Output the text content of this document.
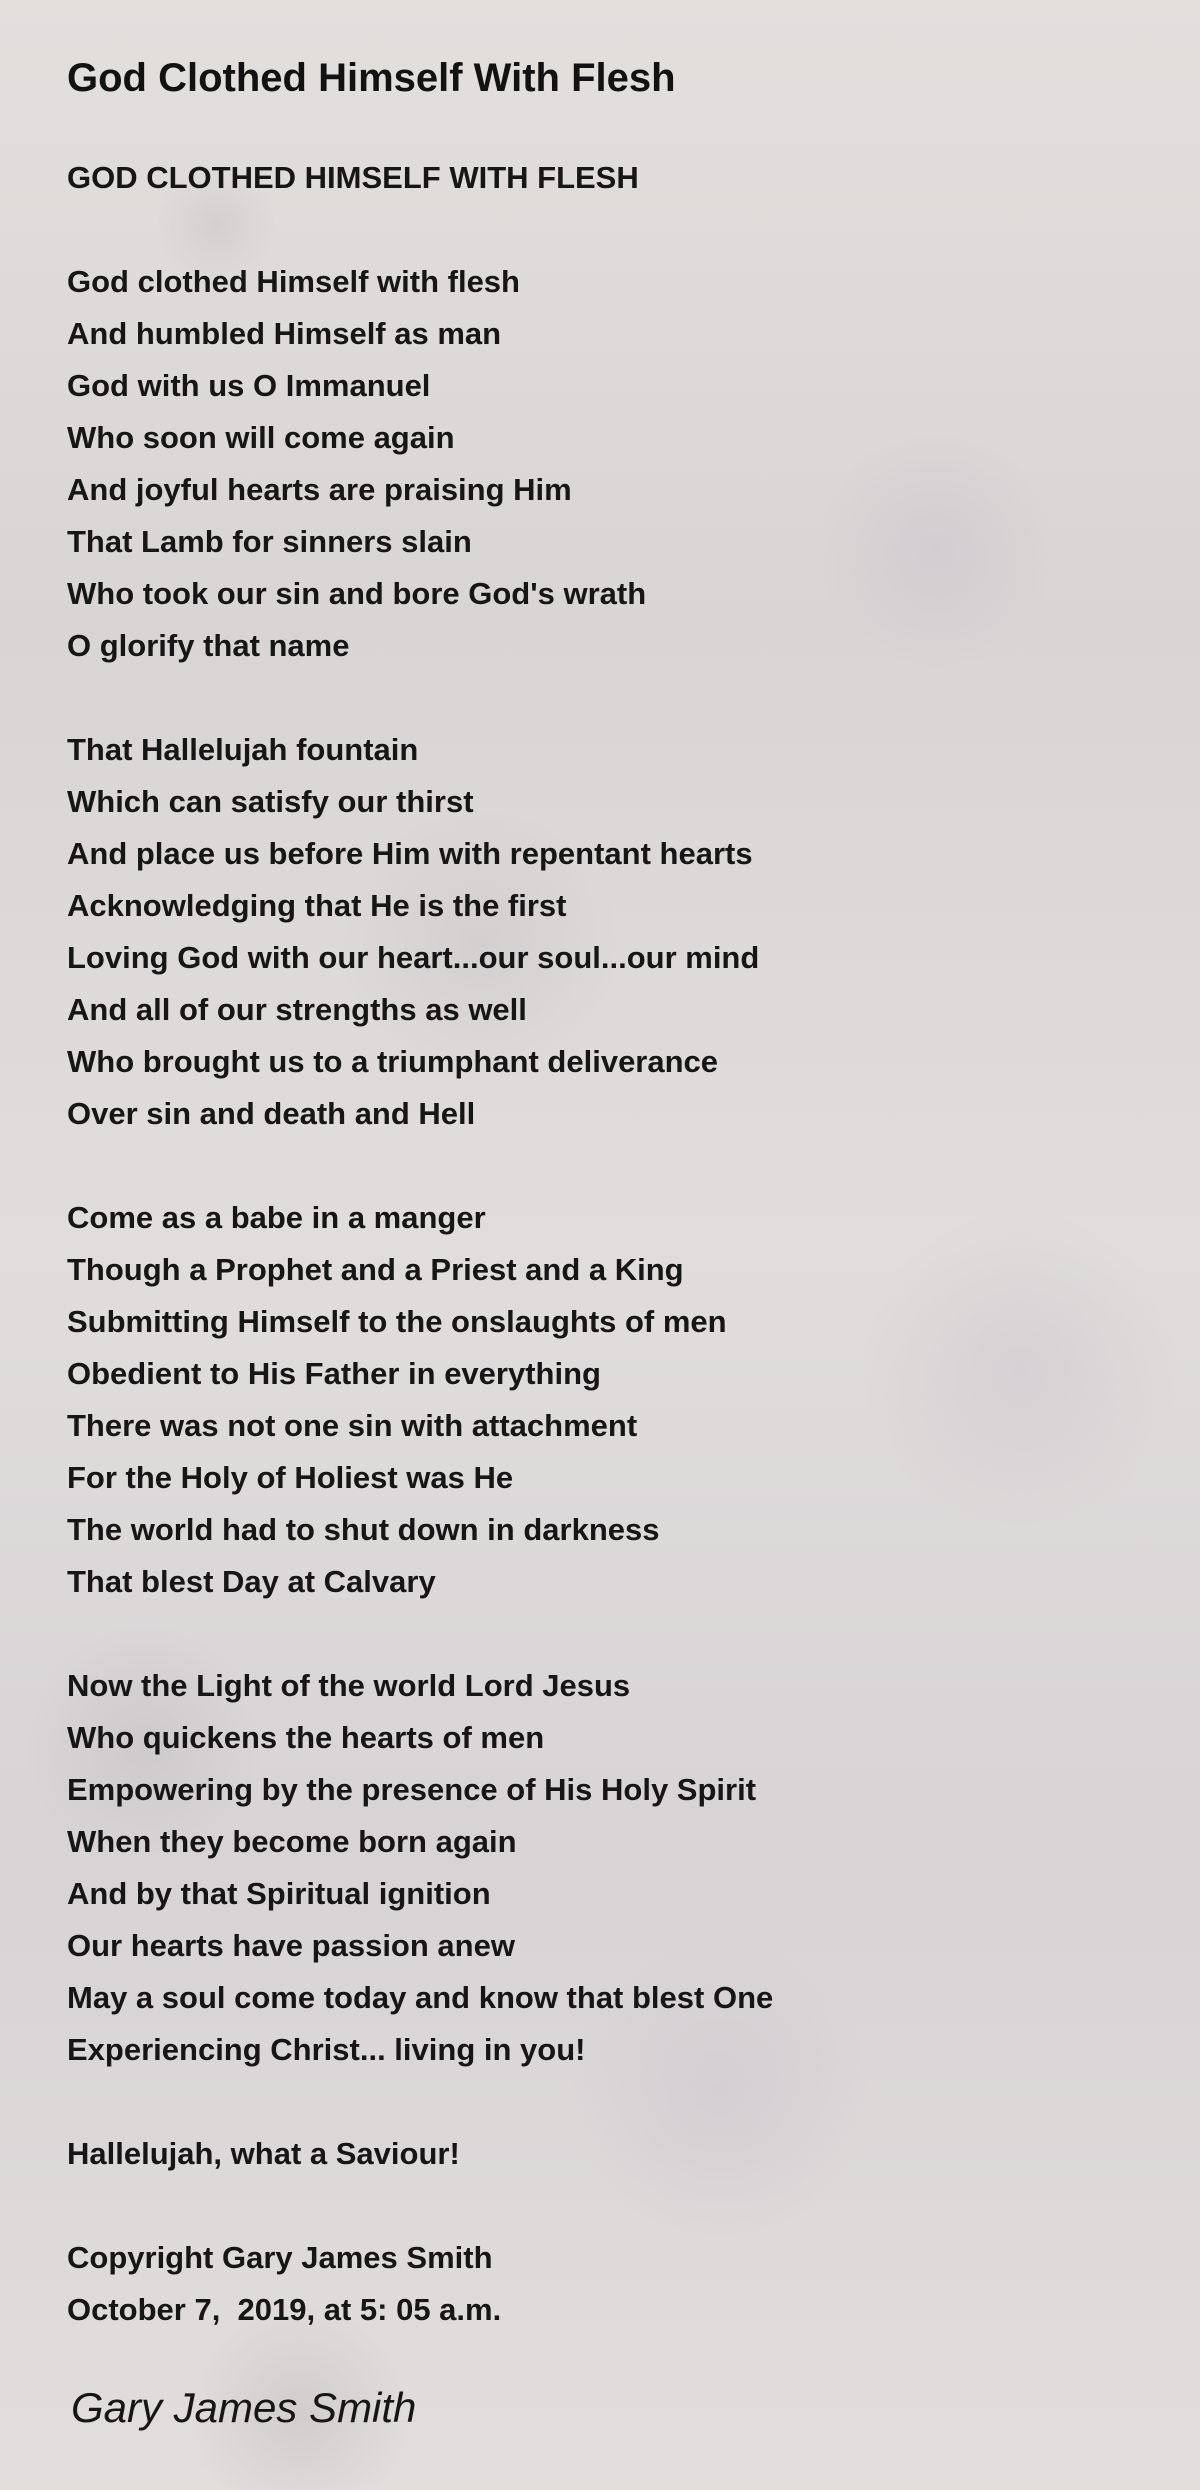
God Clothed Himself With Flesh
GOD CLOTHED HIMSELF WITH FLESH
God clothed Himself with flesh
And humbled Himself as man
God with us O Immanuel
Who soon will come again
And joyful hearts are praising Him
That Lamb for sinners slain
Who took our sin and bore God's wrath
O glorify that name
That Hallelujah fountain
Which can satisfy our thirst
And place us before Him with repentant hearts
Acknowledging that He is the first
Loving God with our heart...our soul...our mind
And all of our strengths as well
Who brought us to a triumphant deliverance
Over sin and death and Hell
Come as a babe in a manger
Though a Prophet and a Priest and a King
Submitting Himself to the onslaughts of men
Obedient to His Father in everything
There was not one sin with attachment
For the Holy of Holiest was He
The world had to shut down in darkness
That blest Day at Calvary
Now the Light of the world Lord Jesus
Who quickens the hearts of men
Empowering by the presence of His Holy Spirit
When they become born again
And by that Spiritual ignition
Our hearts have passion anew
May a soul come today and know that blest One
Experiencing Christ... living in you!
Hallelujah, what a Saviour!
Copyright Gary James Smith
October 7,  2019, at 5: 05 a.m.
Gary James Smith
